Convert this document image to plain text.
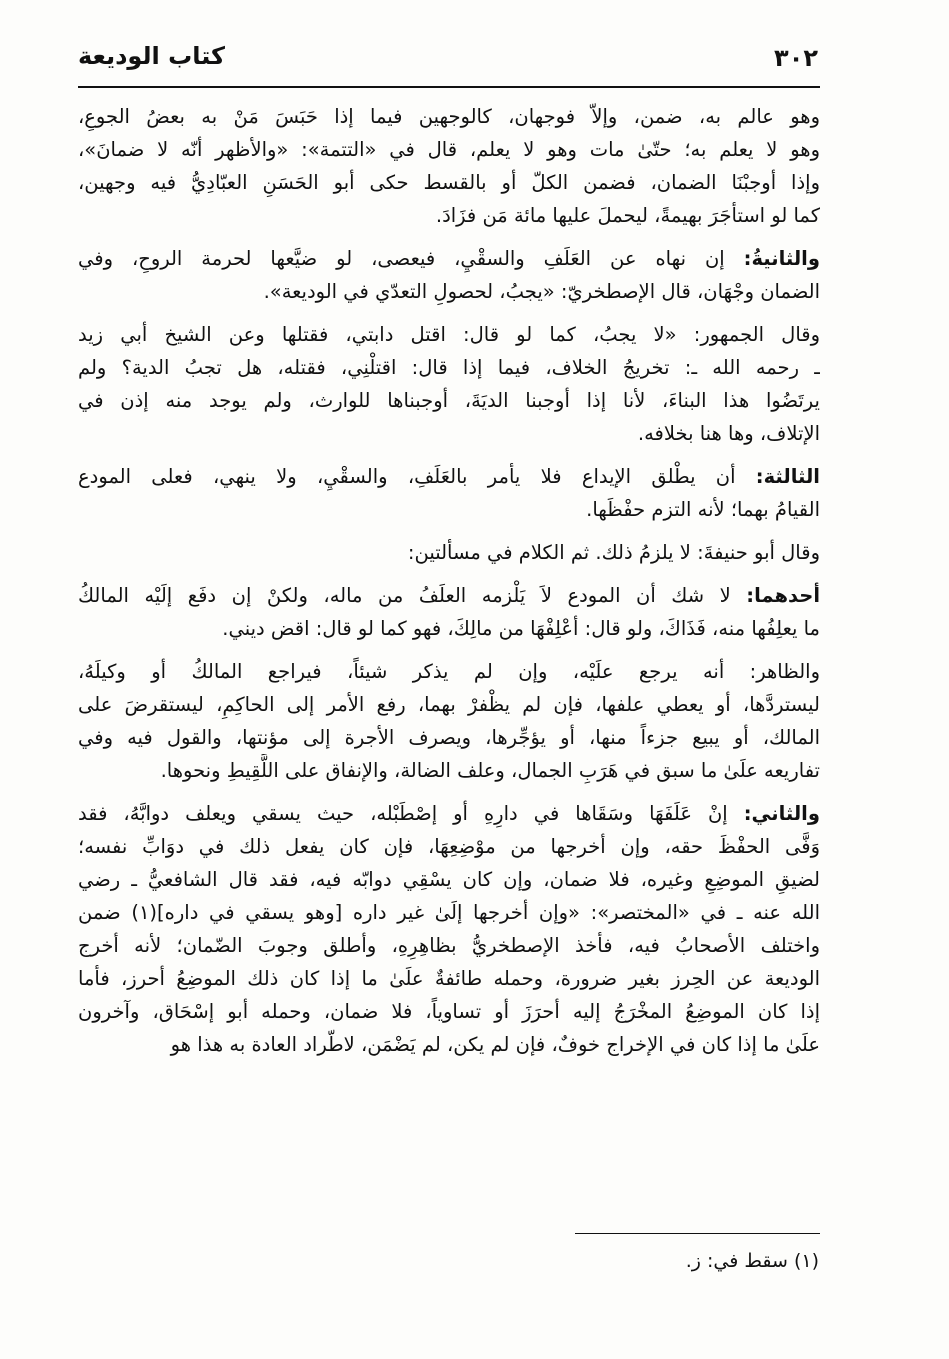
٣٠٢
كتاب الوديعة
وهو عالم به، ضمن، وإلاّ فوجهان، كالوجهين فيما إذا حَبَسَ مَنْ به بعضُ الجوعِ،
وهو لا يعلم به؛ حتّىٰ مات وهو لا يعلم، قال في «التتمة»: «والأظهر أنّه لا ضمانَ»،
وإذا أوجبْنَا الضمان، فضمن الكلّ أو بالقسط حكى أبو الحَسَنِ العبّادِيُّ فيه وجهين،
كما لو استأجَرَ بهيمةً، ليحملَ عليها مائة مَن فزَادَ.
والثانيةُ: إن نهاه عن العَلَفِ والسقْيِ، فيعصى، لو ضيَّعها لحرمة الروحِ، وفي
الضمان وجْهَان، قال الإصطخريّ: «يجبُ، لحصولِ التعدّي في الوديعة».
وقال الجمهور: «لا يجبُ، كما لو قال: اقتل دابتي، فقتلها وعن الشيخ أبي زيد
ـ رحمه الله ـ: تخريجُ الخلاف، فيما إذا قال: اقتلْنِي، فقتله، هل تجبُ الدية؟ ولم
يرتَضُوا هذا البناءَ، لأنا إذا أوجبنا الديَةَ، أوجبناها للوارث، ولم يوجد منه إذن في
الإتلاف، وها هنا بخلافه.
الثالثة: أن يطْلق الإيداع فلا يأمر بالعَلَفِ، والسقْيِ، ولا ينهي، فعلى المودع
القيامُ بهما؛ لأنه التزم حفْظَها.
وقال أبو حنيفةَ: لا يلزمُ ذلك. ثم الكلام في مسألتين:
أحدهما: لا شك أن المودع لاَ يَلْزمه العلَفُ من ماله، ولكنْ إن دفَع إلَيْه المالكُ
ما يعلِفُها منه، فَذَاكَ، ولو قال: أعْلِفْهَا من مالِكَ، فهو كما لو قال: اقض ديني.
والظاهر: أنه يرجع علَيْه، وإن لم يذكر شيئاً، فيراجع المالكُ أو وكيلَهُ،
ليستردَّها، أو يعطي علفها، فإن لم يظْفرْ بهما، رفع الأمر إلى الحاكِمِ، ليستقرضَ على
المالك، أو يبيع جزءاً منها، أو يؤجِّرها، ويصرف الأجرة إلى مؤنتها، والقول فيه وفي
تفاريعه علَىٰ ما سبق في هَرَبِ الجمال، وعلف الضالة، والإنفاق على اللَّقِيطِ ونحوها.
والثاني: إنْ عَلَفَهَا وسَقَاها في دارِهِ أو إصْطَبْله، حيث يسقي ويعلف دوابَّهُ، فقد
وَفَّى الحفْظَ حقه، وإن أخرجها من موْضِعِهَا، فإن كان يفعل ذلك في دوَابِّ نفسه؛
لضيقِ الموضِعِ وغيره، فلا ضمان، وإن كان يسْقِي دوابّه فيه، فقد قال الشافعيُّ ـ رضي
الله عنه ـ في «المختصر»: «وإن أخرجها إلَىٰ غير داره [وهو يسقي في داره](١) ضمن
واختلف الأصحابُ فيه، فأخذ الإصطخريُّ بظاهِرِهِ، وأطلق وجوبَ الضّمان؛ لأنه أخرج
الوديعة عن الحِرز بغير ضرورة، وحمله طائفةٌ علَىٰ ما إذا كان ذلك الموضِعُ أحرز، فأما
إذا كان الموضِعُ المخْرَجُ إليه أحرَزَ أو تساوياً، فلا ضمان، وحمله أبو إسْحَاق، وآخرون
علَىٰ ما إذا كان في الإخراج خوفٌ، فإن لم يكن، لم يَضْمَن، لاطّراد العادة به هذا هو
(١) سقط في: ز.
